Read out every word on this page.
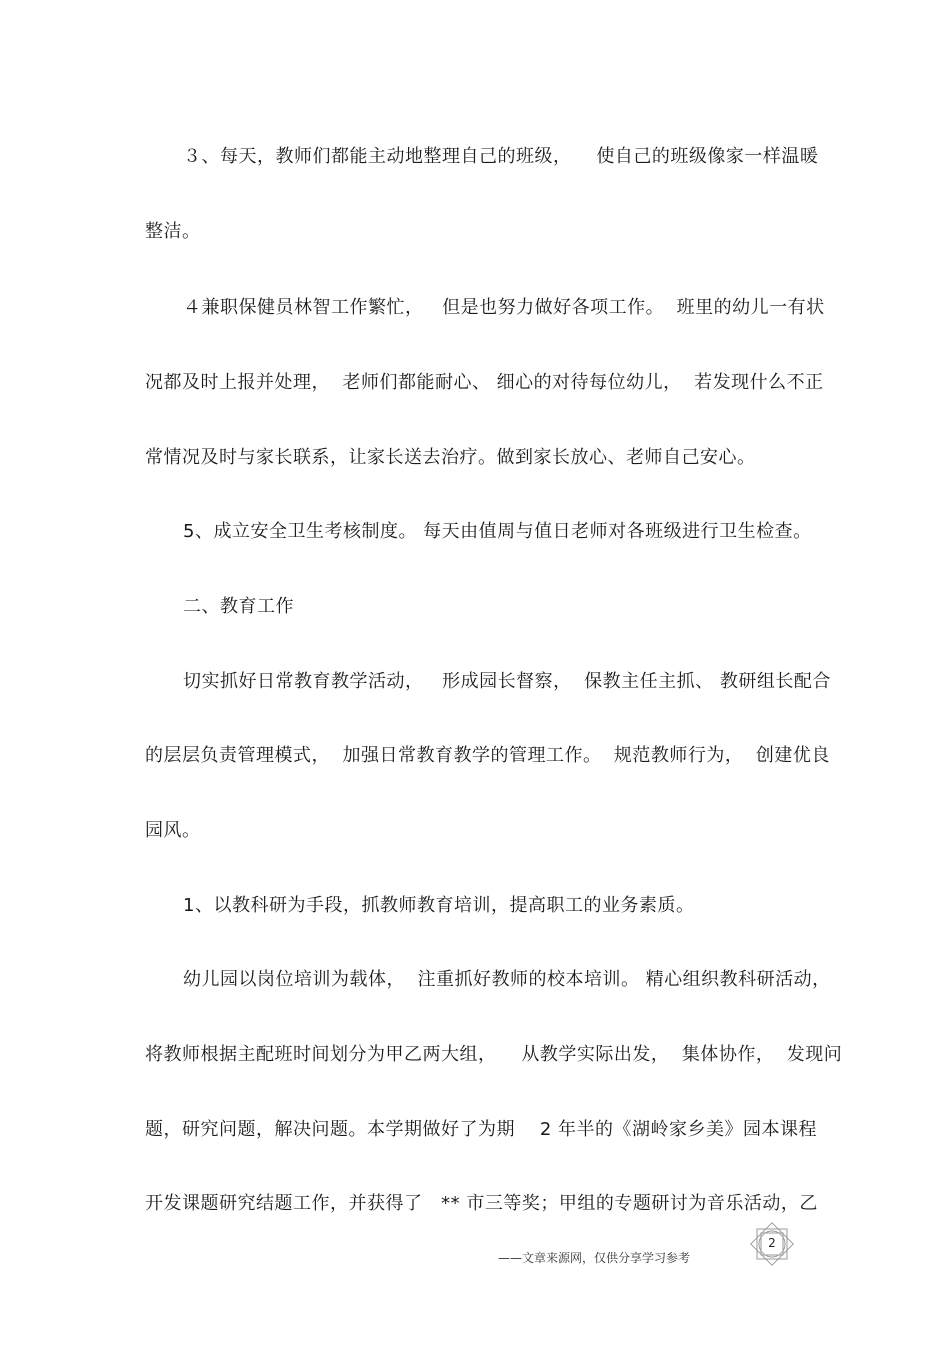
３、每天，教师们都能主动地整理自己的班级，    使自己的班级像家一样温暖
整洁。
４兼职保健员林智工作繁忙，   但是也努力做好各项工作。  班里的幼儿一有状
况都及时上报并处理，  老师们都能耐心、 细心的对待每位幼儿，  若发现什么不正
常情况及时与家长联系，让家长送去治疗。做到家长放心、老师自己安心。
5、成立安全卫生考核制度。 每天由值周与值日老师对各班级进行卫生检查。
二、教育工作
切实抓好日常教育教学活动，   形成园长督察，  保教主任主抓、 教研组长配合
的层层负责管理模式，  加强日常教育教学的管理工作。  规范教师行为，  创建优良
园风。
1、以教科研为手段，抓教师教育培训，提高职工的业务素质。
幼儿园以岗位培训为载体，  注重抓好教师的校本培训。 精心组织教科研活动，
将教师根据主配班时间划分为甲乙两大组，    从教学实际出发，  集体协作，  发现问
题，研究问题，解决问题。本学期做好了为期    2 年半的《湖岭家乡美》园本课程
开发课题研究结题工作，并获得了   ** 市三等奖；甲组的专题研讨为音乐活动，乙
2
——文章来源网，仅供分享学习参考
